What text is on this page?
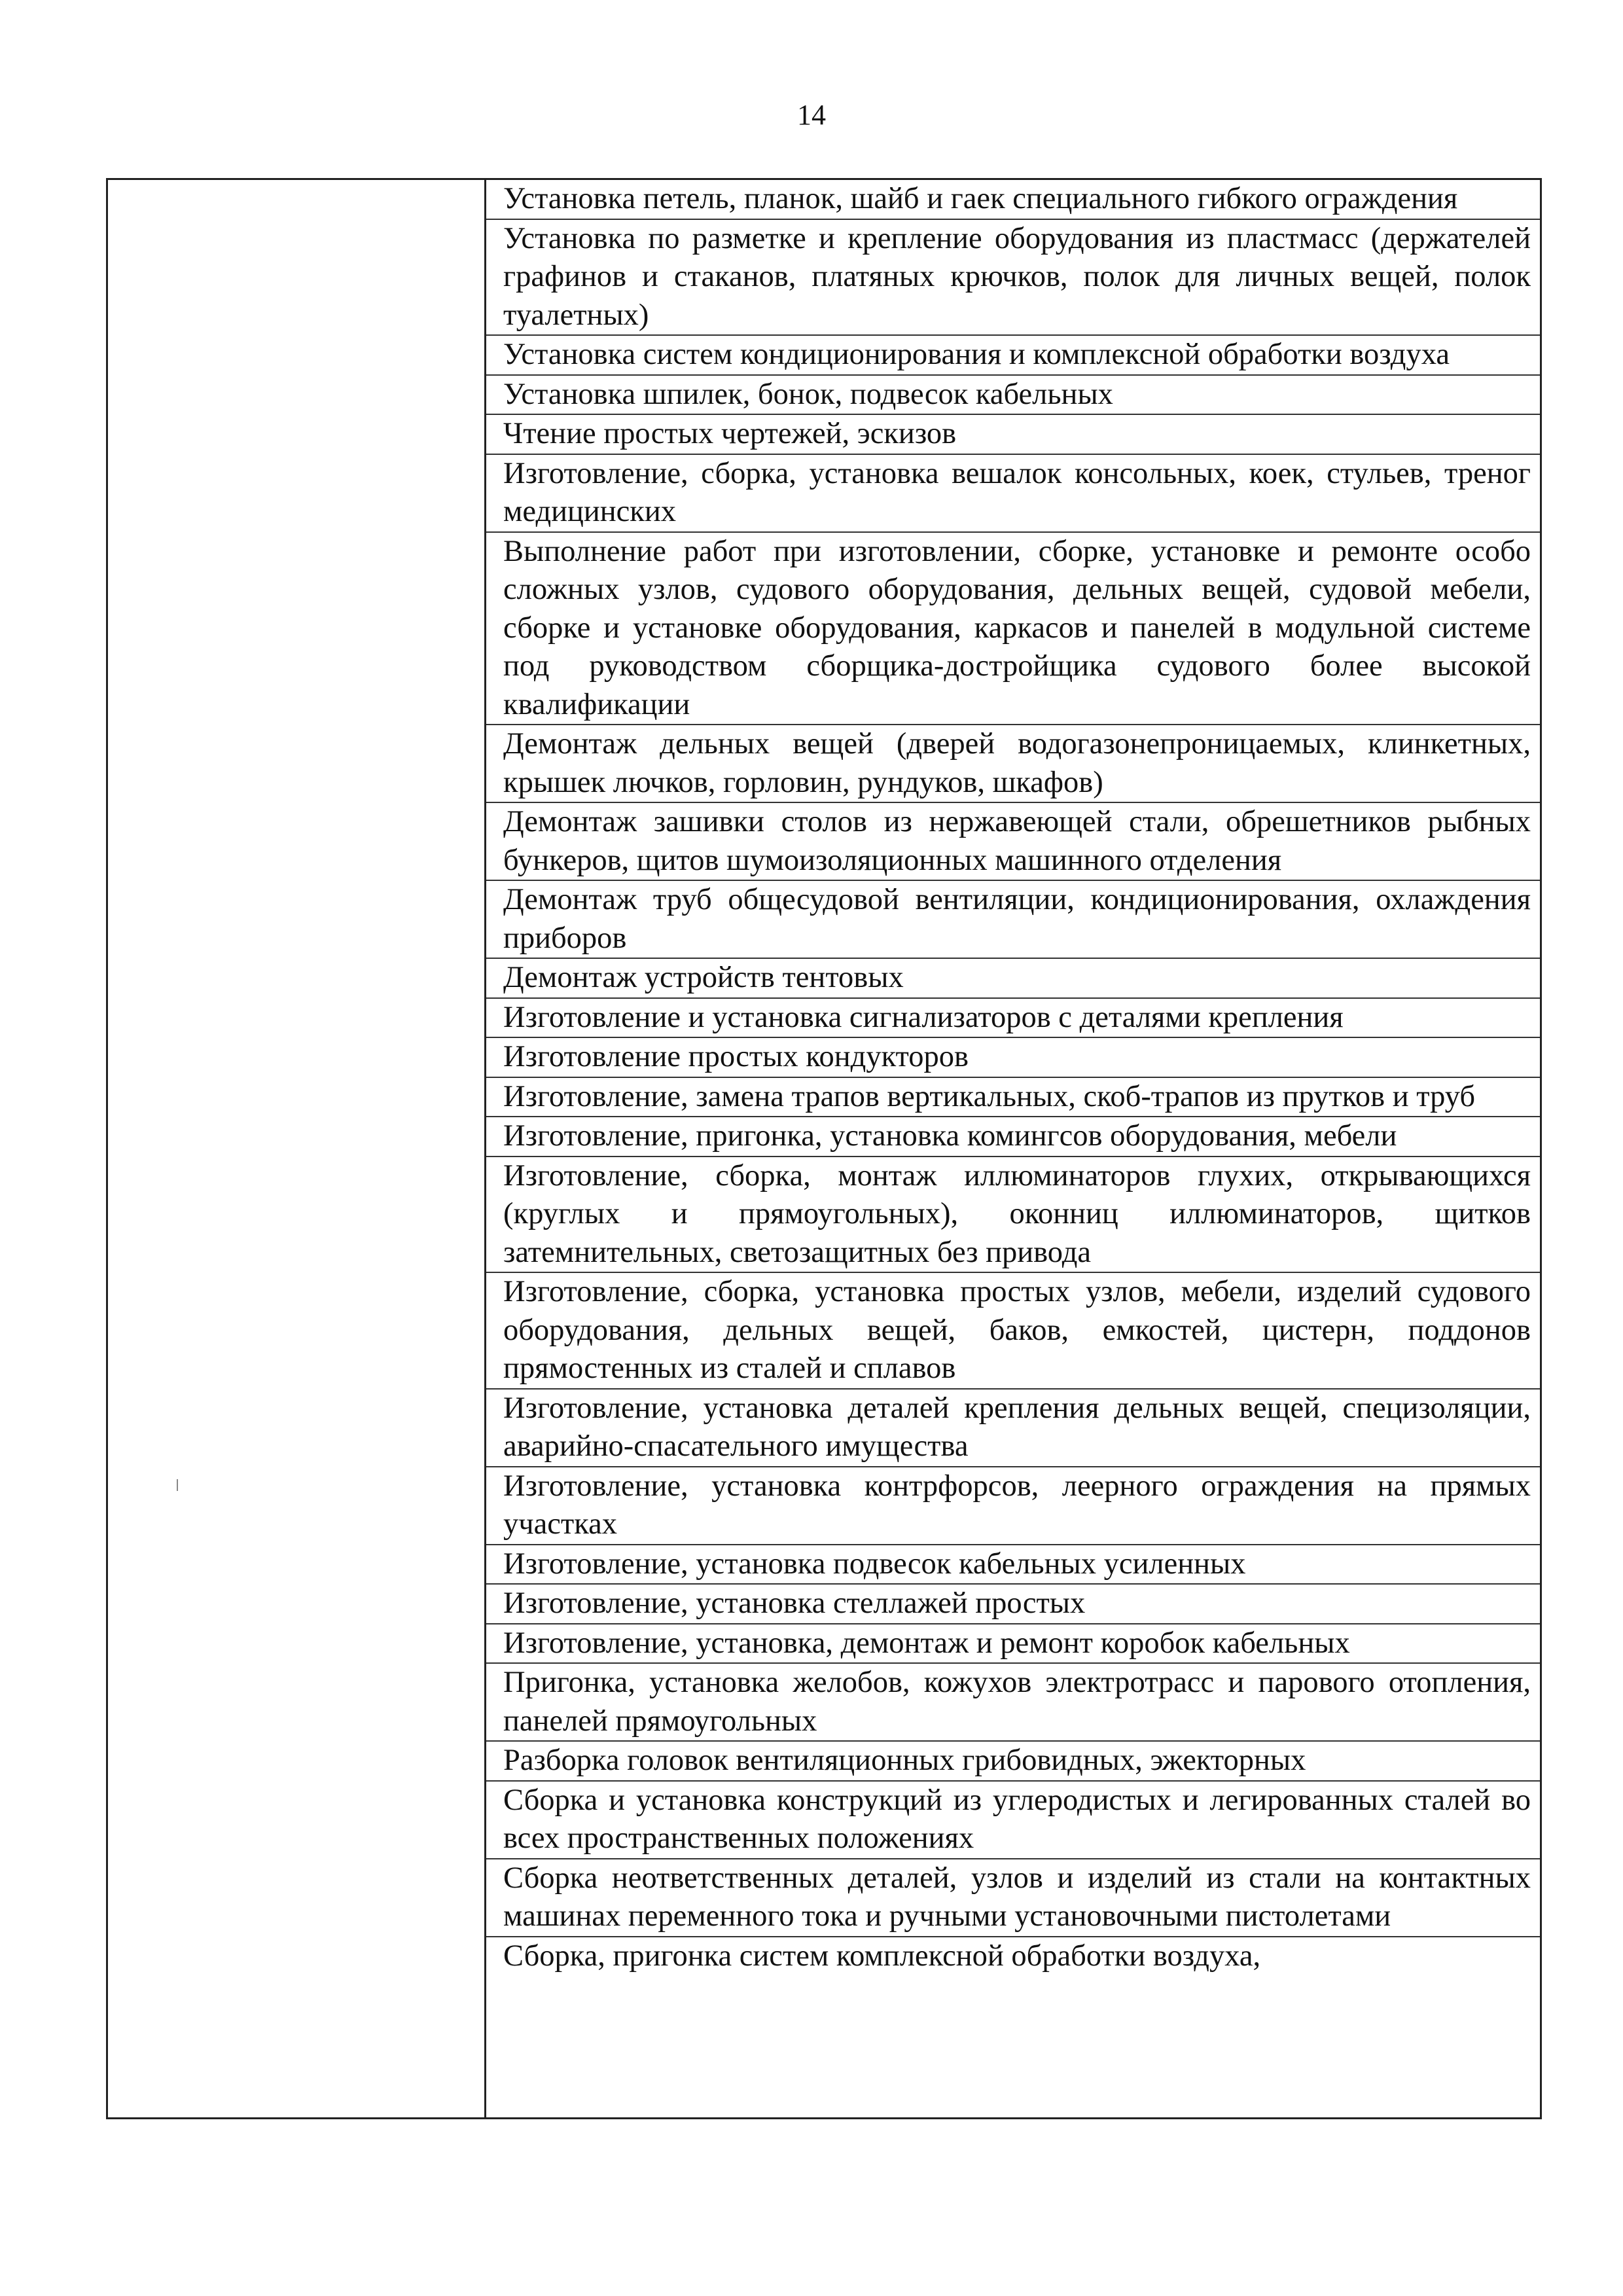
14
Установка петель, планок, шайб и гаек специального гибкого ограждения
Установка по разметке и крепление оборудования из пластмасс (держателей графинов и стаканов, платяных крючков, полок для личных вещей, полок туалетных)
Установка систем кондиционирования и комплексной обработки воздуха
Установка шпилек, бонок, подвесок кабельных
Чтение простых чертежей, эскизов
Изготовление, сборка, установка вешалок консольных, коек, стульев, треног медицинских
Выполнение работ при изготовлении, сборке, установке и ремонте особо сложных узлов, судового оборудования, дельных вещей, судовой мебели, сборке и установке оборудования, каркасов и панелей в модульной системе под руководством сборщика-достройщика судового более высокой квалификации
Демонтаж дельных вещей (дверей водогазонепроницаемых, клинкетных, крышек лючков, горловин, рундуков, шкафов)
Демонтаж зашивки столов из нержавеющей стали, обрешетников рыбных бункеров, щитов шумоизоляционных машинного отделения
Демонтаж труб общесудовой вентиляции, кондиционирования, охлаждения приборов
Демонтаж устройств тентовых
Изготовление и установка сигнализаторов с деталями крепления
Изготовление простых кондукторов
Изготовление, замена трапов вертикальных, скоб-трапов из прутков и труб
Изготовление, пригонка, установка комингсов оборудования, мебели
Изготовление, сборка, монтаж иллюминаторов глухих, открывающихся (круглых и прямоугольных), оконниц иллюминаторов, щитков затемнительных, светозащитных без привода
Изготовление, сборка, установка простых узлов, мебели, изделий судового оборудования, дельных вещей, баков, емкостей, цистерн, поддонов прямостенных из сталей и сплавов
Изготовление, установка деталей крепления дельных вещей, специзоляции, аварийно-спасательного имущества
Изготовление, установка контрфорсов, леерного ограждения на прямых участках
Изготовление, установка подвесок кабельных усиленных
Изготовление, установка стеллажей простых
Изготовление, установка, демонтаж и ремонт коробок кабельных
Пригонка, установка желобов, кожухов электротрасс и парового отопления, панелей прямоугольных
Разборка головок вентиляционных грибовидных, эжекторных
Сборка и установка конструкций из углеродистых и легированных сталей во всех пространственных положениях
Сборка неответственных деталей, узлов и изделий из стали на контактных машинах переменного тока и ручными установочными пистолетами
Сборка, пригонка систем комплексной обработки воздуха,
